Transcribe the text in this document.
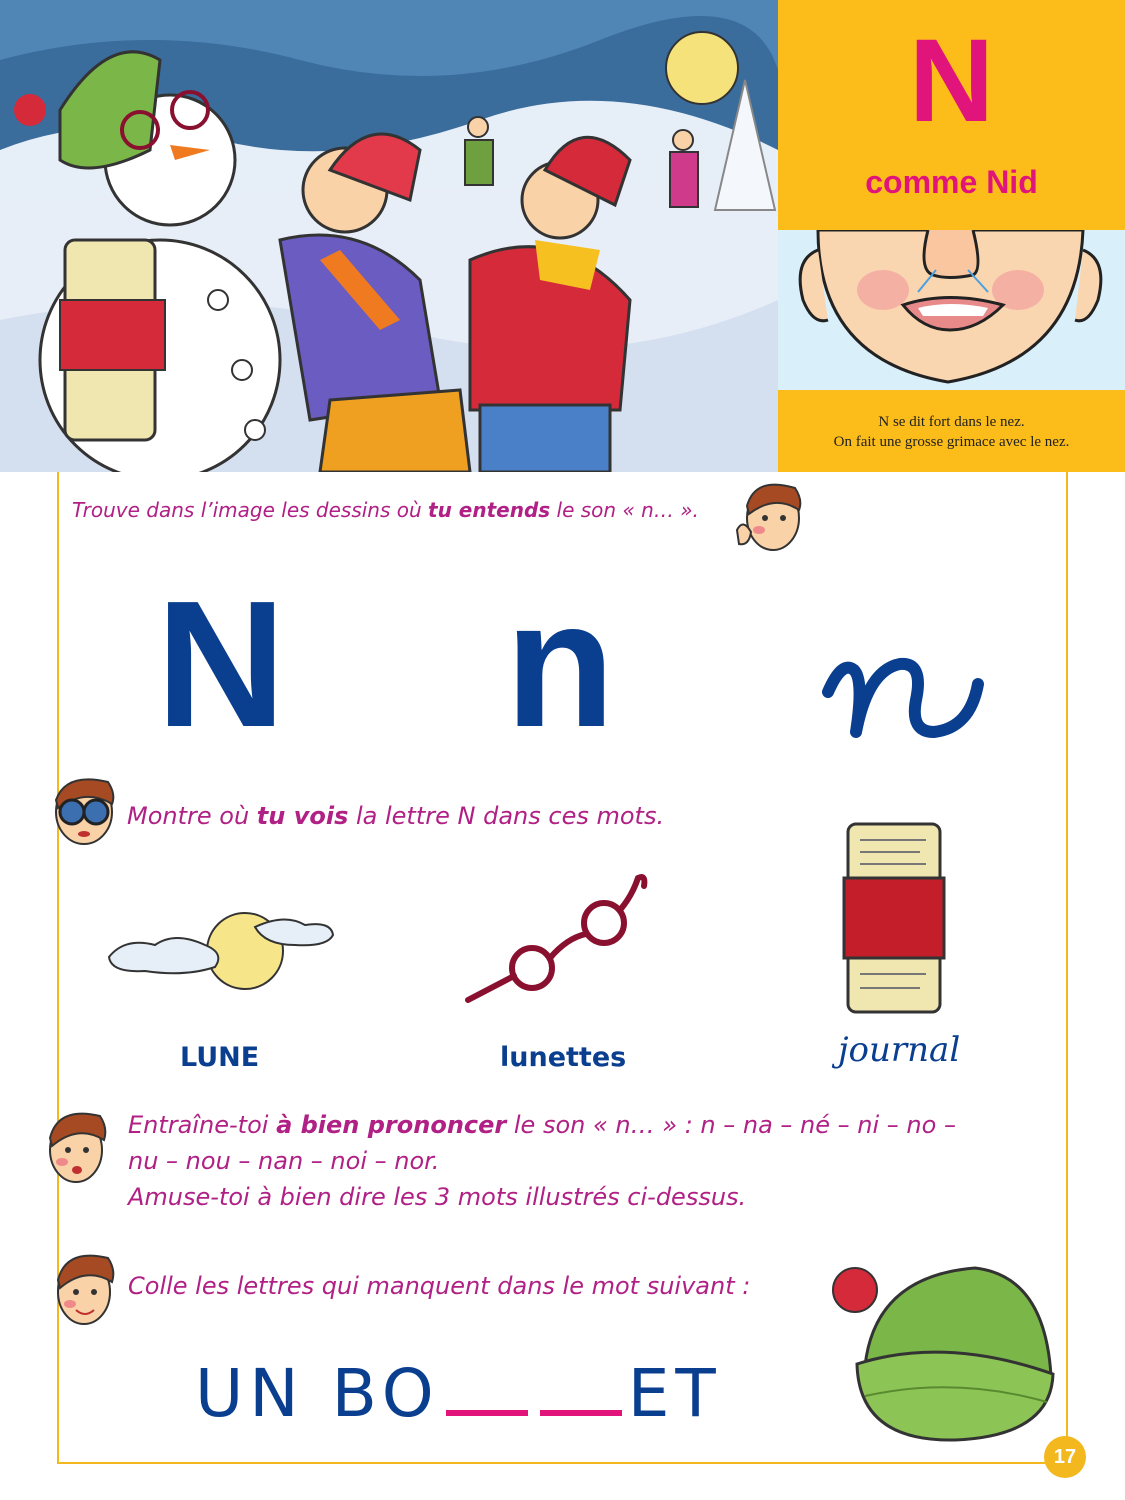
N
comme Nid
N se dit fort dans le nez.
On fait une grosse grimace avec le nez.
Trouve dans l’image les dessins où tu entends le son « n… ».
N n
Montre où tu vois la lettre N dans ces mots.
LUNE	lunettes	journal
Entraîne-toi à bien prononcer le son « n… » : n – na – né – ni – no –
nu – nou – nan – noi – nor.
Amuse-toi à bien dire les 3 mots illustrés ci-dessus.
Colle les lettres qui manquent dans le mot suivant :
UN BO	ET
17
